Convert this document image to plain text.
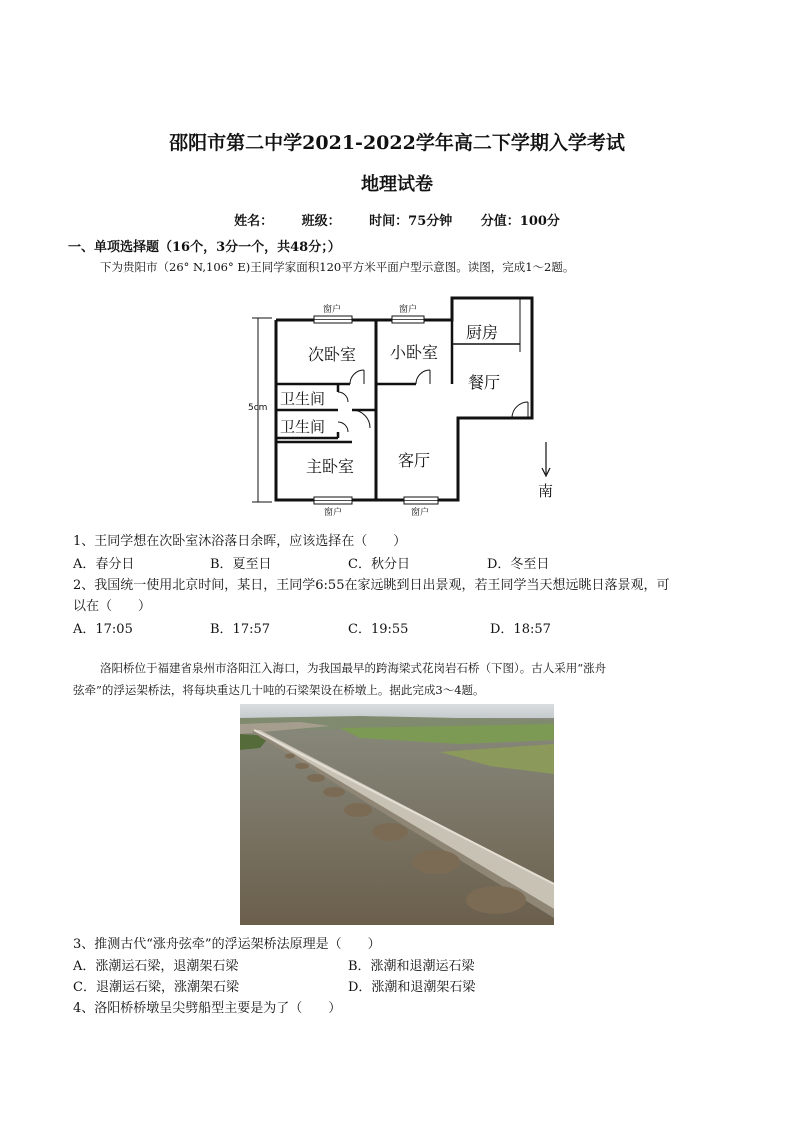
邵阳市第二中学2021-2022学年高二下学期入学考试
地理试卷
姓名： 班级： 时间：75分钟 分值：100分
一、单项选择题（16个，3分一个，共48分；）
下为贵阳市（26° N,106° E)王同学家面积120平方米平面户型示意图。读图，完成1～2题。
5cm
窗户	窗户
窗户	窗户
次卧室 小卧室
厨房
餐厅
卫生间
卫生间
主卧室	客厅
南
1、王同学想在次卧室沐浴落日余晖，应该选择在（　　）
A．春分日	B．夏至日	C．秋分日	D．冬至日
2、我国统一使用北京时间，某日，王同学6:55在家远眺到日出景观，若王同学当天想远眺日落景观，可
以在（　　）
A．17:05	B．17:57	C．19:55	D．18:57
洛阳桥位于福建省泉州市洛阳江入海口，为我国最早的跨海梁式花岗岩石桥（下图）。古人采用“涨舟
弦牵”的浮运架桥法，将每块重达几十吨的石梁架设在桥墩上。据此完成3～4题。
3、推测古代“涨舟弦牵”的浮运架桥法原理是（　　）
A．涨潮运石梁，退潮架石梁	B．涨潮和退潮运石梁
C．退潮运石梁，涨潮架石梁	D．涨潮和退潮架石梁
4、洛阳桥桥墩呈尖劈船型主要是为了（　　）
